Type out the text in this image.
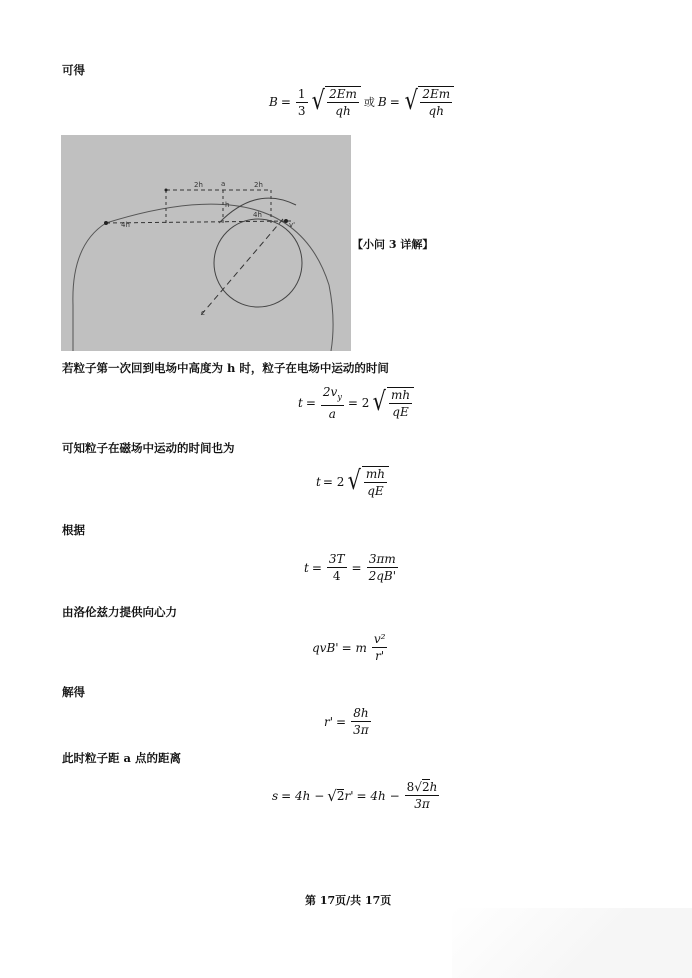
可得
$B = \frac{1}{3}$ √ $\frac{2Em}{qh}$ 或 B = √ $\frac{2Em}{qh}$
4h
2h	a	2h
h
4h
v'
c
【小问 3 详解】
若粒子第一次回到电场中高度为 h 时，粒子在电场中运动的时间
$t = \frac{2v_y}{a} = 2$ √ $\frac{mh}{qE}$
可知粒子在磁场中运动的时间也为
t = 2 √ $\frac{mh}{qE}$
根据
$t = \frac{3T}{4} = \frac{3\pi m}{2qB'}$
由洛伦兹力提供向心力
qvB' = m $\frac{\text{v²}}{r'}$
解得
$r' = \frac{8h}{3\pi}$
此时粒子距 a 点的距离
s = 4h − √ 2 $r' = 4h - \frac{8√2h}{3\pi}$
第 17页/共 17页
